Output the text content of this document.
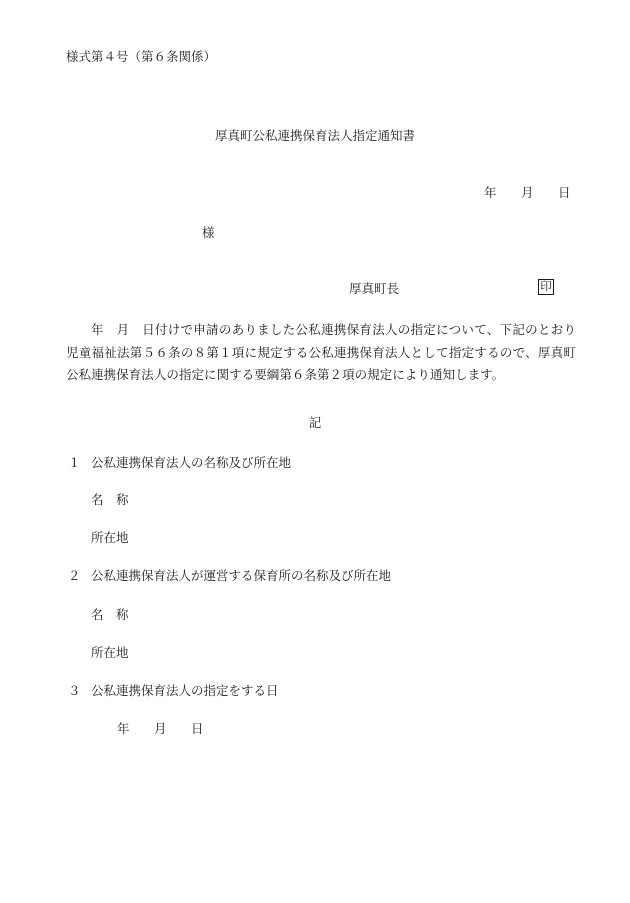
様式第４号（第６条関係）
厚真町公私連携保育法人指定通知書
年 月 日
様
厚真町長	印
年　月　日付けで申請のありました公私連携保育法人の指定について、下記のとおり児童福祉法第５６条の８第１項に規定する公私連携保育法人として指定するので、厚真町公私連携保育法人の指定に関する要綱第６条第２項の規定により通知します。
記
１ 公私連携保育法人の名称及び所在地
名　称
所在地
２ 公私連携保育法人が運営する保育所の名称及び所在地
名　称
所在地
３ 公私連携保育法人の指定をする日
年 月 日
